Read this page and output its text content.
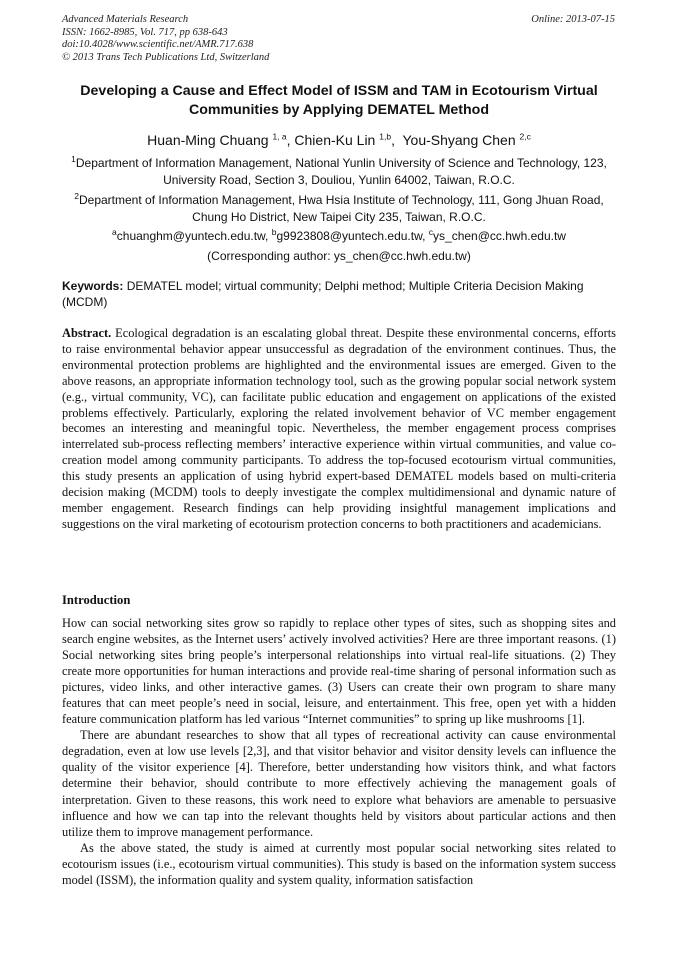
Advanced Materials Research
ISSN: 1662-8985, Vol. 717, pp 638-643
doi:10.4028/www.scientific.net/AMR.717.638
© 2013 Trans Tech Publications Ltd, Switzerland
Online: 2013-07-15
Developing a Cause and Effect Model of ISSM and TAM in Ecotourism Virtual Communities by Applying DEMATEL Method
Huan-Ming Chuang $^{1, a}$, Chien-Ku Lin $^{1,b}$,  You-Shyang Chen $^{2,c}$
$^1$Department of Information Management, National Yunlin University of Science and Technology, 123, University Road, Section 3, Douliou, Yunlin 64002, Taiwan, R.O.C.
$^2$Department of Information Management, Hwa Hsia Institute of Technology, 111, Gong Jhuan Road, Chung Ho District, New Taipei City 235, Taiwan, R.O.C.
$^a$chuanghm@yuntech.edu.tw, $^b$g9923808@yuntech.edu.tw, $^c$ys_chen@cc.hwh.edu.tw
(Corresponding author: ys_chen@cc.hwh.edu.tw)
Keywords: DEMATEL model; virtual community; Delphi method; Multiple Criteria Decision Making (MCDM)
Abstract. Ecological degradation is an escalating global threat. Despite these environmental concerns, efforts to raise environmental behavior appear unsuccessful as degradation of the environment continues. Thus, the environmental protection problems are highlighted and the environmental issues are emerged. Given to the above reasons, an appropriate information technology tool, such as the growing popular social network system (e.g., virtual community, VC), can facilitate public education and engagement on applications of the existed problems effectively. Particularly, exploring the related involvement behavior of VC member engagement becomes an interesting and meaningful topic. Nevertheless, the member engagement process comprises interrelated sub-process reflecting members’ interactive experience within virtual communities, and value co-creation model among community participants. To address the top-focused ecotourism virtual communities, this study presents an application of using hybrid expert-based DEMATEL models based on multi-criteria decision making (MCDM) tools to deeply investigate the complex multidimensional and dynamic nature of member engagement. Research findings can help providing insightful management implications and suggestions on the viral marketing of ecotourism protection concerns to both practitioners and academicians.
Introduction

How can social networking sites grow so rapidly to replace other types of sites, such as shopping sites and search engine websites, as the Internet users’ actively involved activities? Here are three important reasons. (1) Social networking sites bring people’s interpersonal relationships into virtual real-life situations. (2) They create more opportunities for human interactions and provide real-time sharing of personal information such as pictures, video links, and other interactive games. (3) Users can create their own program to share many features that can meet people’s need in social, leisure, and entertainment. This free, open yet with a hidden feature communication platform has led various “Internet communities” to spring up like mushrooms [1].

There are abundant researches to show that all types of recreational activity can cause environmental degradation, even at low use levels [2,3], and that visitor behavior and visitor density levels can influence the quality of the visitor experience [4]. Therefore, better understanding how visitors think, and what factors determine their behavior, should contribute to more effectively achieving the management goals of interpretation. Given to these reasons, this work need to explore what behaviors are amenable to persuasive influence and how we can tap into the relevant thoughts held by visitors about particular actions and then utilize them to improve management performance.

As the above stated, the study is aimed at currently most popular social networking sites related to ecotourism issues (i.e., ecotourism virtual communities). This study is based on the information system success model (ISSM), the information quality and system quality, information satisfaction
